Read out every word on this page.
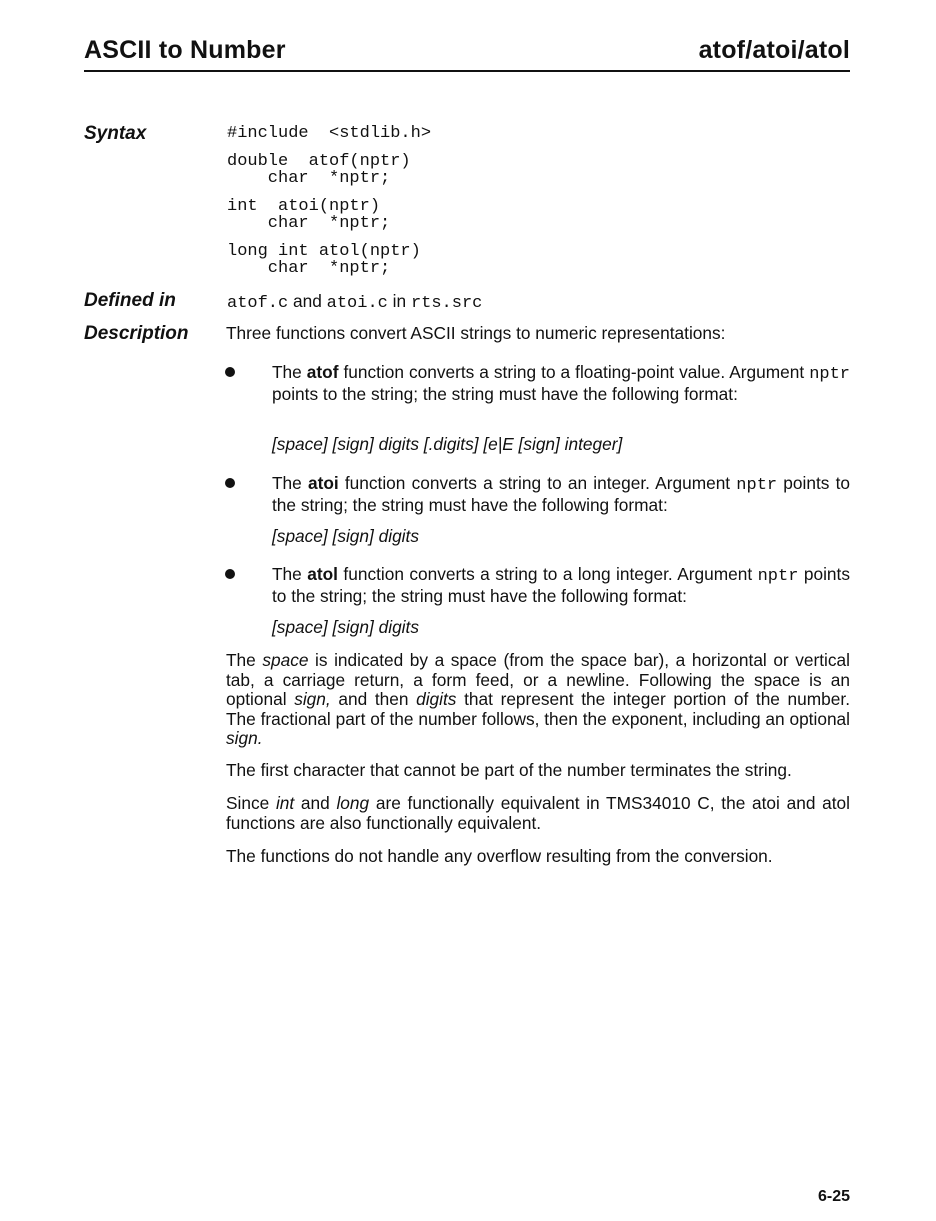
ASCII to Number	atof/atoi/atol
Syntax	#include  <stdlib.h>
double  atof(nptr)
char  *nptr;
int  atoi(nptr)
char  *nptr;
long int atol(nptr)
char  *nptr;
Defined in	atof.c and atoi.c in rts.src
Description Three functions convert ASCII strings to numeric representations:
The atof function converts a string to a floating-point value. Argument nptr points to the string; the string must have the following format:
[space] [sign] digits [.digits] [e|E [sign] integer]
The atoi function converts a string to an integer. Argument nptr points to the string; the string must have the following format:
[space] [sign] digits
The atol function converts a string to a long integer. Argument nptr points to the string; the string must have the following format:
[space] [sign] digits
The space is indicated by a space (from the space bar), a horizontal or vertical tab, a carriage return, a form feed, or a newline. Following the space is an optional sign, and then digits that represent the integer portion of the number. The fractional part of the number follows, then the exponent, including an optional sign.
The first character that cannot be part of the number terminates the string.
Since int and long are functionally equivalent in TMS34010 C, the atoi and atol functions are also functionally equivalent.
The functions do not handle any overflow resulting from the conversion.
6-25
